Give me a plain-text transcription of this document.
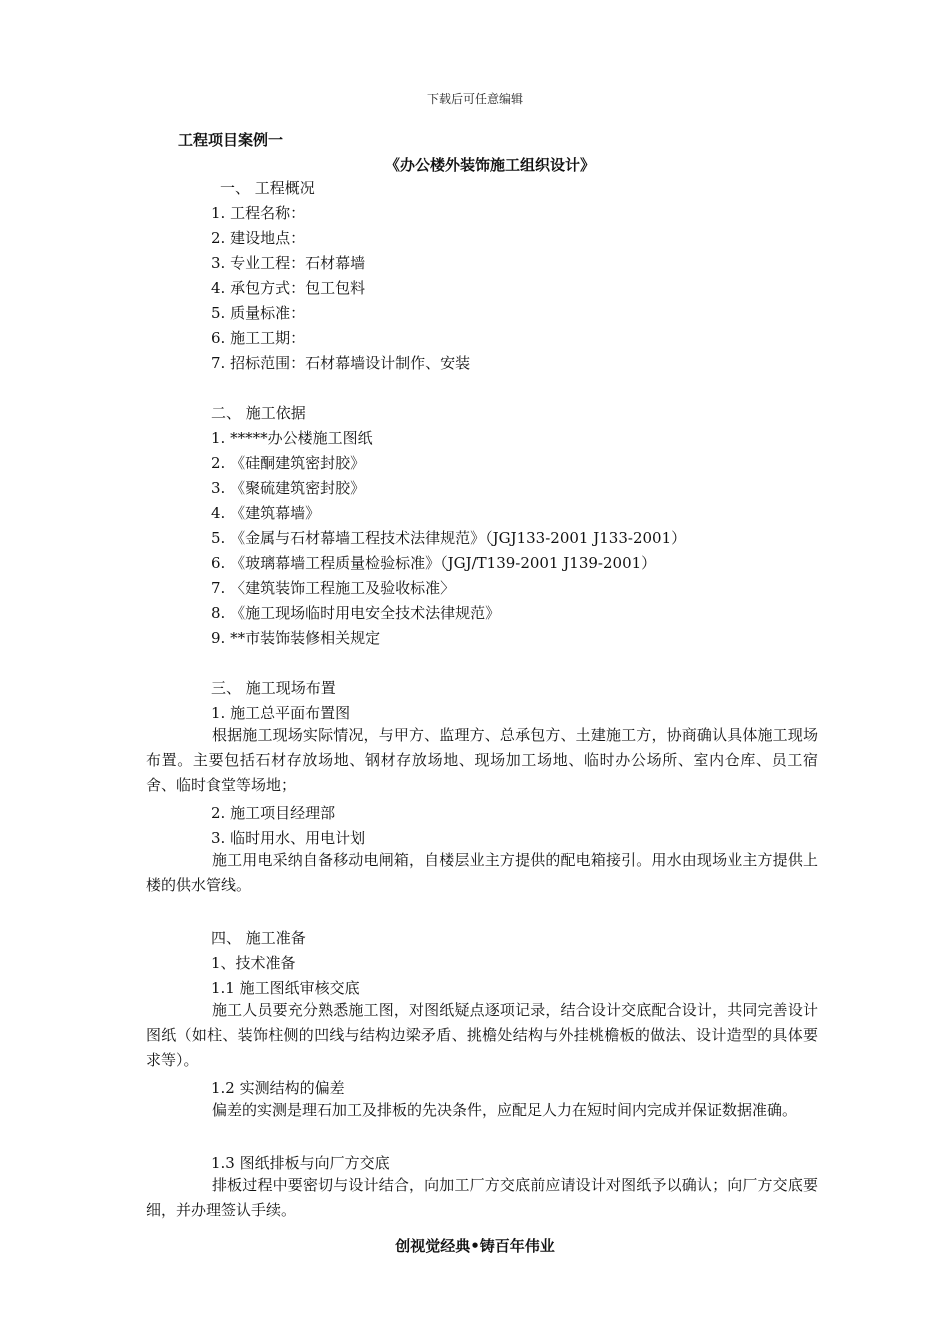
下载后可任意编辑
工程项目案例一
《办公楼外装饰施工组织设计》
一、 工程概况
1. 工程名称：
2. 建设地点：
3. 专业工程：石材幕墙
4. 承包方式：包工包料
5. 质量标准：
6. 施工工期：
7. 招标范围：石材幕墙设计制作、安装
二、 施工依据
1. *****办公楼施工图纸
2. 《硅酮建筑密封胶》
3. 《聚硫建筑密封胶》
4. 《建筑幕墙》
5. 《金属与石材幕墙工程技术法律规范》（JGJ133-2001 J133-2001）
6. 《玻璃幕墙工程质量检验标准》（JGJ/T139-2001 J139-2001）
7. 〈建筑装饰工程施工及验收标准〉
8. 《施工现场临时用电安全技术法律规范》
9. **市装饰装修相关规定
三、 施工现场布置
1. 施工总平面布置图
根据施工现场实际情况，与甲方、监理方、总承包方、土建施工方，协商确认具体施工现场布置。主要包括石材存放场地、钢材存放场地、现场加工场地、临时办公场所、室内仓库、员工宿舍、临时食堂等场地；
2. 施工项目经理部
3. 临时用水、用电计划
施工用电采纳自备移动电闸箱，自楼层业主方提供的配电箱接引。用水由现场业主方提供上楼的供水管线。
四、 施工准备
1、技术准备
1.1 施工图纸审核交底
施工人员要充分熟悉施工图，对图纸疑点逐项记录，结合设计交底配合设计，共同完善设计图纸（如柱、装饰柱侧的凹线与结构边梁矛盾、挑檐处结构与外挂桃檐板的做法、设计造型的具体要求等）。
1.2 实测结构的偏差
偏差的实测是理石加工及排板的先决条件，应配足人力在短时间内完成并保证数据准确。
1.3 图纸排板与向厂方交底
排板过程中要密切与设计结合，向加工厂方交底前应请设计对图纸予以确认；向厂方交底要细，并办理签认手续。
创视觉经典•铸百年伟业
